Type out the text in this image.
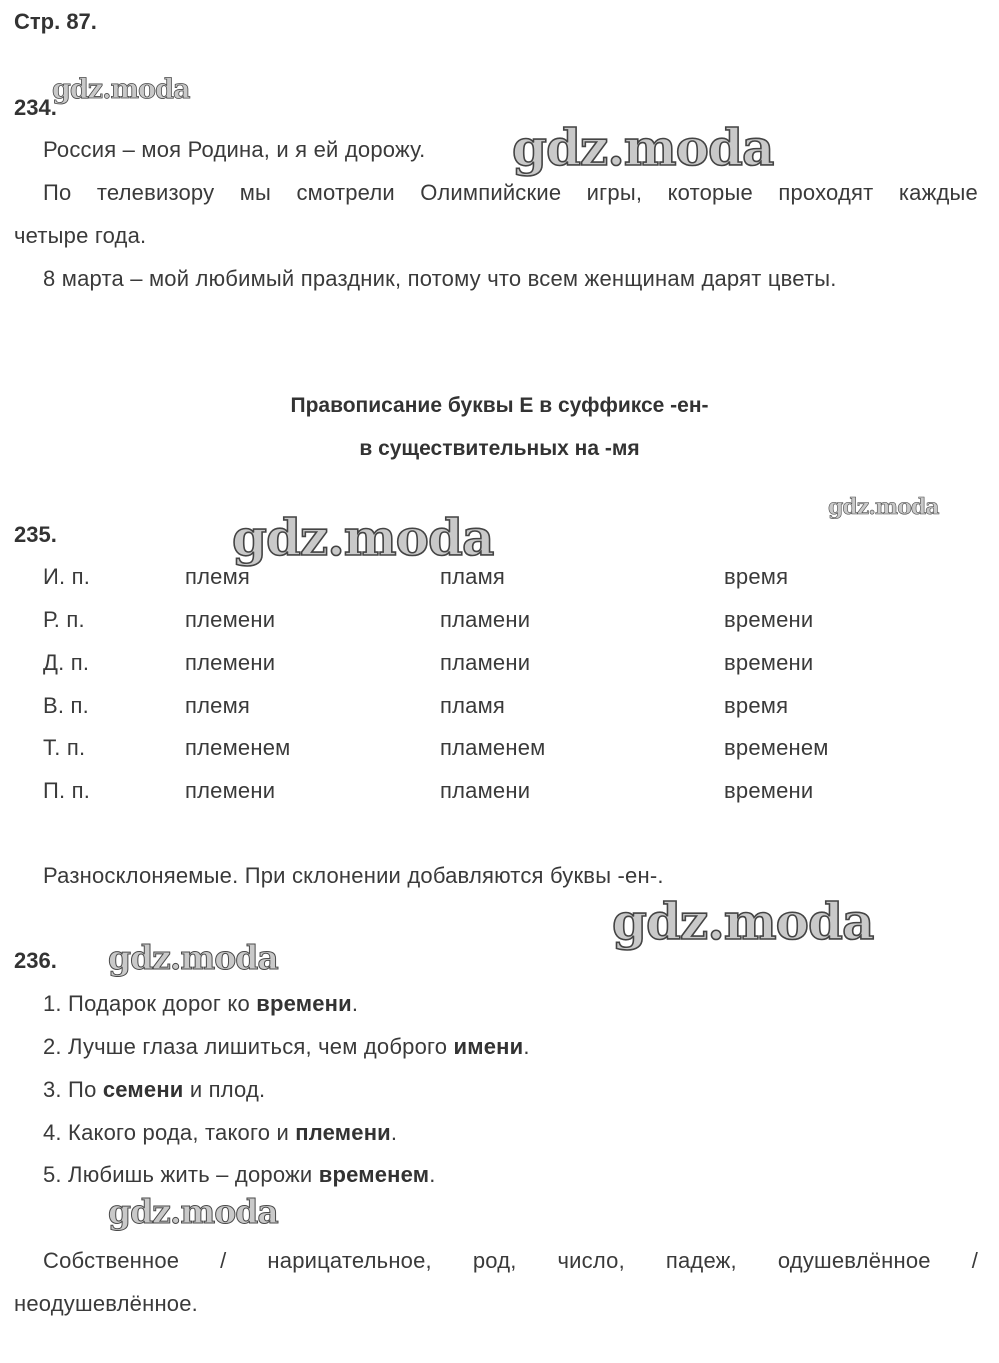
Стр. 87.
234.
Россия – моя Родина, и я ей дорожу.
По телевизору мы смотрели Олимпийские игры, которые проходят каждые
четыре года.
8 марта – мой любимый праздник, потому что всем женщинам дарят цветы.
Правописание буквы Е в суффиксе -ен-
в существительных на -мя
235.
И. п.	племя	пламя	время
Р. п.	племени	пламени	времени
Д. п.	племени	пламени	времени
В. п.	племя	пламя	время
Т. п.	племенем	пламенем	временем
П. п.	племени	пламени	времени
Разносклоняемые. При склонении добавляются буквы -ен-.
236.
1. Подарок дорог ко времени.
2. Лучше глаза лишиться, чем доброго имени.
3. По семени и плод.
4. Какого рода, такого и племени.
5. Любишь жить – дорожи временем.
Собственное / нарицательное, род, число, падеж, одушевлённое /
неодушевлённое.
gdz.moda
gdz.moda
gdz.moda
gdz.moda
gdz.moda
gdz.moda
gdz.moda
